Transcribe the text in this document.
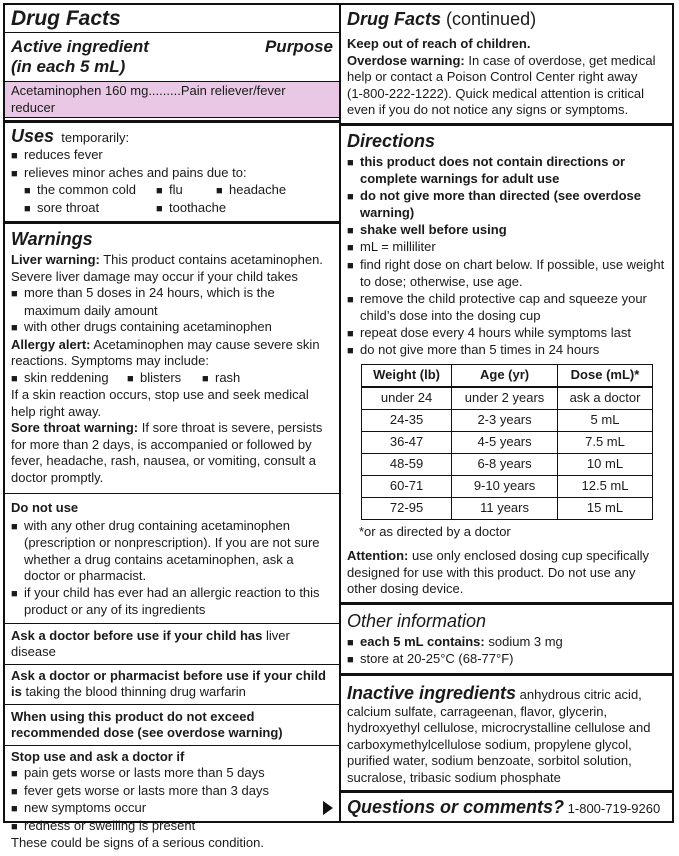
Drug Facts
Active ingredient
(in each 5 mL)
Purpose
Acetaminophen 160 mg.........Pain reliever/fever reducer
Uses temporarily:
■
reduces fever
■
relieves minor aches and pains due to:
■
the common cold ■	flu ■	headache
■
sore throat ■	toothache
Warnings
Liver warning: This product contains acetaminophen.
Severe liver damage may occur if your child takes
■
more than 5 doses in 24 hours, which is the
maximum daily amount
■
with other drugs containing acetaminophen
Allergy alert: Acetaminophen may cause severe skin
reactions. Symptoms may include:
■
skin reddening ■ blisters ■	rash
If a skin reaction occurs, stop use and seek medical
help right away.
Sore throat warning: If sore throat is severe, persists
for more than 2 days, is accompanied or followed by
fever, headache, rash, nausea, or vomiting, consult a
doctor promptly.
Do not use
■
with any other drug containing acetaminophen
(prescription or nonprescription). If you are not sure
whether a drug contains acetaminophen, ask a
doctor or pharmacist.
■
if your child has ever had an allergic reaction to this
product or any of its ingredients
Ask a doctor before use if your child has liver disease
Ask a doctor or pharmacist before use if your child
is taking the blood thinning drug warfarin
When using this product do not exceed
recommended dose (see overdose warning)
Stop use and ask a doctor if
■
pain gets worse or lasts more than 5 days
■
fever gets worse or lasts more than 3 days
■
new symptoms occur
■
redness or swelling is present
These could be signs of a serious condition.
Drug Facts (continued)
Keep out of reach of children.
Overdose warning: In case of overdose, get medical
help or contact a Poison Control Center right away
(1-800-222-1222). Quick medical attention is critical
even if you do not notice any signs or symptoms.
Directions
■
this product does not contain directions or
complete warnings for adult use
■
do not give more than directed (see overdose
warning)
■
shake well before using
■
mL = milliliter
■
find right dose on chart below. If possible, use weight
to dose; otherwise, use age.
■
remove the child protective cap and squeeze your
child’s dose into the dosing cup
■
repeat dose every 4 hours while symptoms last
■
do not give more than 5 times in 24 hours
Weight (lb)	Age (yr)	Dose (mL)*
under 24	under 2 years	ask a doctor
24-35	2-3 years	5 mL
36-47	4-5 years	7.5 mL
48-59	6-8 years	10 mL
60-71	9-10 years	12.5 mL
72-95	11 years	15 mL
*or as directed by a doctor
Attention: use only enclosed dosing cup specifically
designed for use with this product. Do not use any
other dosing device.
Other information
■
each 5 mL contains: sodium 3 mg
■
store at 20-25°C (68-77°F)
Inactive ingredients anhydrous citric acid,
calcium sulfate, carrageenan, flavor, glycerin,
hydroxyethyl cellulose, microcrystalline cellulose and
carboxymethylcellulose sodium, propylene glycol,
purified water, sodium benzoate, sorbitol solution,
sucralose, tribasic sodium phosphate
Questions or comments? 1-800-719-9260
